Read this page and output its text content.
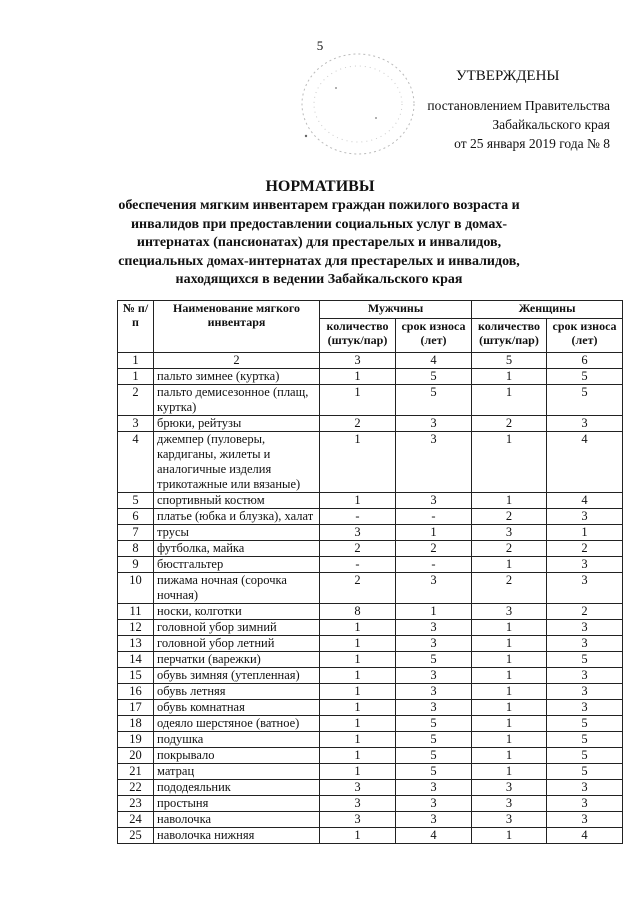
5
УТВЕРЖДЕНЫ
постановлением Правительства
Забайкальского края
от 25 января 2019 года № 8
НОРМАТИВЫ
обеспечения мягким инвентарем граждан пожилого возраста и инвалидов при предоставлении социальных услуг в домах-интернатах (пансионатах) для престарелых и инвалидов, специальных домах-интернатах для престарелых и инвалидов, находящихся в ведении Забайкальского края
№ п/п	Наименование мягкого инвентаря	Мужчины		Женщины	
		количество (штук/пар)	срок износа (лет)	количество (штук/пар)	срок износа (лет)
1	2	3	4	5	6
1	пальто зимнее (куртка)	1	5	1	5
2	пальто демисезонное (плащ, куртка)	1	5	1	5
3	брюки, рейтузы	2	3	2	3
4	джемпер (пуловеры, кардиганы, жилеты и аналогичные изделия трикотажные или вязаные)	1	3	1	4
5	спортивный костюм	1	3	1	4
6	платье (юбка и блузка), халат	-	-	2	3
7	трусы	3	1	3	1
8	футболка, майка	2	2	2	2
9	бюстгальтер	-	-	1	3
10	пижама ночная (сорочка ночная)	2	3	2	3
11	носки, колготки	8	1	3	2
12	головной убор зимний	1	3	1	3
13	головной убор летний	1	3	1	3
14	перчатки (варежки)	1	5	1	5
15	обувь зимняя (утепленная)	1	3	1	3
16	обувь летняя	1	3	1	3
17	обувь комнатная	1	3	1	3
18	одеяло шерстяное (ватное)	1	5	1	5
19	подушка	1	5	1	5
20	покрывало	1	5	1	5
21	матрац	1	5	1	5
22	пододеяльник	3	3	3	3
23	простыня	3	3	3	3
24	наволочка	3	3	3	3
25	наволочка нижняя	1	4	1	4
